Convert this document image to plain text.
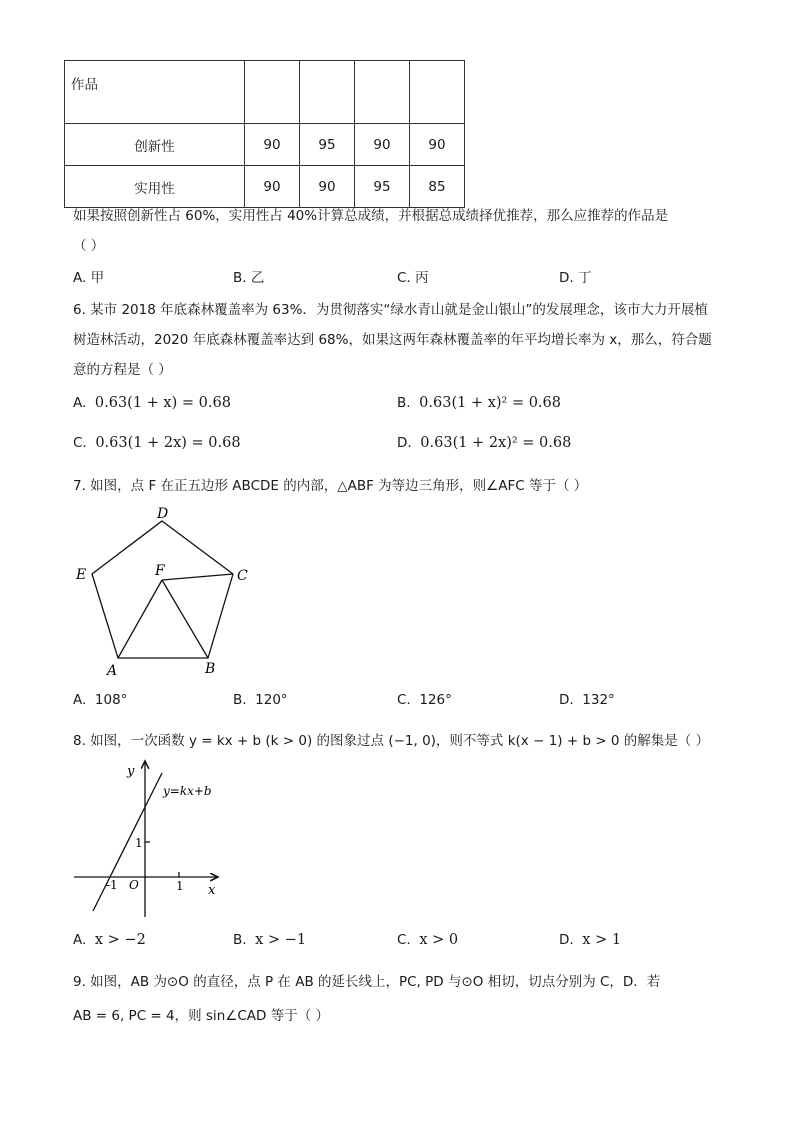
作品				
创新性	90	95	90	90
实用性	90	90	95	85
如果按照创新性占 60%，实用性占 40%计算总成绩，并根据总成绩择优推荐，那么应推荐的作品是
（ ）
A. 甲	B. 乙	C. 丙	D. 丁
6. 某市 2018 年底森林覆盖率为 63%．为贯彻落实“绿水青山就是金山银山”的发展理念，该市大力开展植
树造林活动，2020 年底森林覆盖率达到 68%，如果这两年森林覆盖率的年平均增长率为 x，那么，符合题
意的方程是（ ）
A. 0.63(1 + x) = 0.68	B. 0.63(1 + x)² = 0.68
C. 0.63(1 + 2x) = 0.68	D. 0.63(1 + 2x)² = 0.68
7. 如图，点 F 在正五边形 ABCDE 的内部，△ABF 为等边三角形，则∠AFC 等于（ ）
D
E	C
F
A	B
A. 108°	B. 120°	C. 126°	D. 132°
8. 如图，一次函数 y = kx + b (k > 0) 的图象过点 (−1, 0)，则不等式 k(x − 1) + b > 0 的解集是（ ）
y
x
O
-1	1
1
y=kx+b
A. x > −2	B. x > −1	C. x > 0	D. x > 1
9. 如图，AB 为⊙O 的直径，点 P 在 AB 的延长线上，PC, PD 与⊙O 相切，切点分别为 C，D．若
AB = 6, PC = 4，则 sin∠CAD 等于（ ）
